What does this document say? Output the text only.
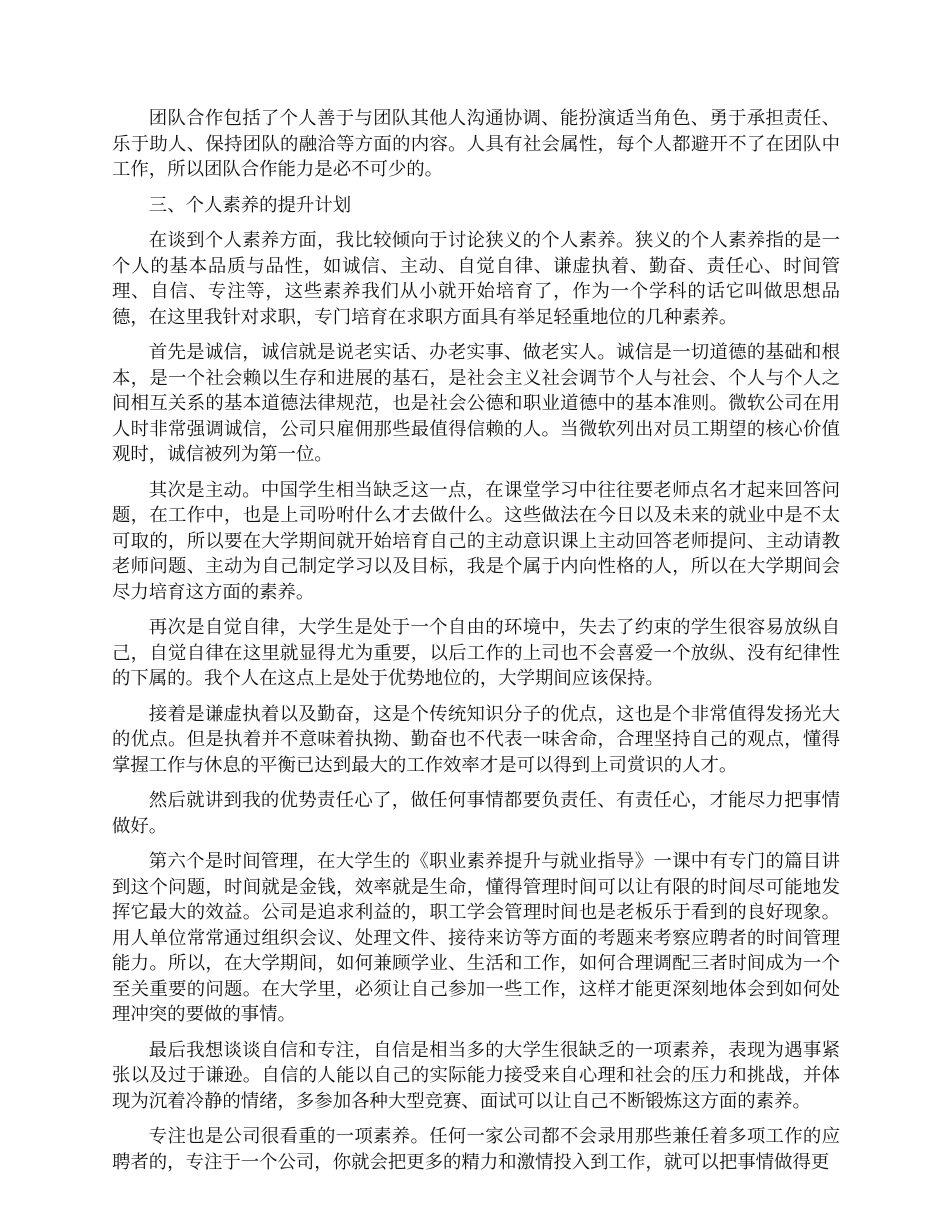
团队合作包括了个人善于与团队其他人沟通协调、能扮演适当角色、勇于承担责任、乐于助人、保持团队的融洽等方面的内容。人具有社会属性，每个人都避开不了在团队中工作，所以团队合作能力是必不可少的。

三、个人素养的提升计划

在谈到个人素养方面，我比较倾向于讨论狭义的个人素养。狭义的个人素养指的是一个人的基本品质与品性，如诚信、主动、自觉自律、谦虚执着、勤奋、责任心、时间管理、自信、专注等，这些素养我们从小就开始培育了，作为一个学科的话它叫做思想品德，在这里我针对求职，专门培育在求职方面具有举足轻重地位的几种素养。

首先是诚信，诚信就是说老实话、办老实事、做老实人。诚信是一切道德的基础和根本，是一个社会赖以生存和进展的基石，是社会主义社会调节个人与社会、个人与个人之间相互关系的基本道德法律规范，也是社会公德和职业道德中的基本准则。微软公司在用人时非常强调诚信，公司只雇佣那些最值得信赖的人。当微软列出对员工期望的核心价值观时，诚信被列为第一位。

其次是主动。中国学生相当缺乏这一点，在课堂学习中往往要老师点名才起来回答问题，在工作中，也是上司吩咐什么才去做什么。这些做法在今日以及未来的就业中是不太可取的，所以要在大学期间就开始培育自己的主动意识课上主动回答老师提问、主动请教老师问题、主动为自己制定学习以及目标，我是个属于内向性格的人，所以在大学期间会尽力培育这方面的素养。

再次是自觉自律，大学生是处于一个自由的环境中，失去了约束的学生很容易放纵自己，自觉自律在这里就显得尤为重要，以后工作的上司也不会喜爱一个放纵、没有纪律性的下属的。我个人在这点上是处于优势地位的，大学期间应该保持。

接着是谦虚执着以及勤奋，这是个传统知识分子的优点，这也是个非常值得发扬光大的优点。但是执着并不意味着执拗、勤奋也不代表一味舍命，合理坚持自己的观点，懂得掌握工作与休息的平衡已达到最大的工作效率才是可以得到上司赏识的人才。

然后就讲到我的优势责任心了，做任何事情都要负责任、有责任心，才能尽力把事情做好。

第六个是时间管理，在大学生的《职业素养提升与就业指导》一课中有专门的篇目讲到这个问题，时间就是金钱，效率就是生命，懂得管理时间可以让有限的时间尽可能地发挥它最大的效益。公司是追求利益的，职工学会管理时间也是老板乐于看到的良好现象。用人单位常常通过组织会议、处理文件、接待来访等方面的考题来考察应聘者的时间管理能力。所以，在大学期间，如何兼顾学业、生活和工作，如何合理调配三者时间成为一个至关重要的问题。在大学里，必须让自己参加一些工作，这样才能更深刻地体会到如何处理冲突的要做的事情。

最后我想谈谈自信和专注，自信是相当多的大学生很缺乏的一项素养，表现为遇事紧张以及过于谦逊。自信的人能以自己的实际能力接受来自心理和社会的压力和挑战，并体现为沉着冷静的情绪，多参加各种大型竞赛、面试可以让自己不断锻炼这方面的素养。

专注也是公司很看重的一项素养。任何一家公司都不会录用那些兼任着多项工作的应聘者的，专注于一个公司，你就会把更多的精力和激情投入到工作，就可以把事情做得更
